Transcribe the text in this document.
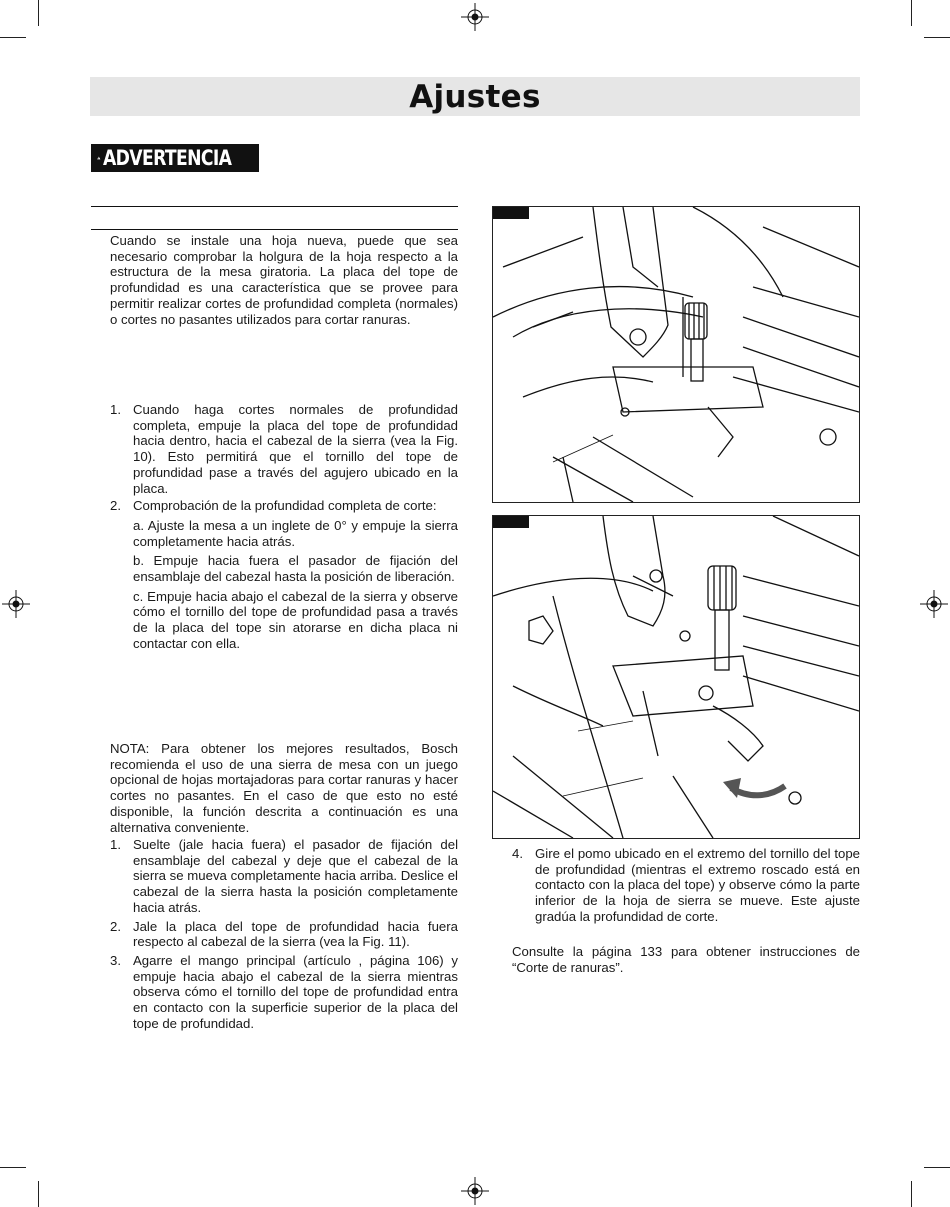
Ajustes
ADVERTENCIA
Cuando se instale una hoja nueva, puede que sea necesario comprobar la holgura de la hoja respecto a la estructura de la mesa giratoria. La placa del tope de profundidad es una característica que se provee para permitir realizar cortes de profundidad completa (normales) o cortes no pasantes utilizados para cortar ranuras.
1. Cuando haga cortes normales de profundidad completa, empuje la placa del tope de profundidad hacia dentro, hacia el cabezal de la sierra (vea la Fig. 10). Esto permitirá que el tornillo del tope de profundidad pase a través del agujero ubicado en la placa.
2. Comprobación de la profundidad completa de corte:
a. Ajuste la mesa a un inglete de 0° y empuje la sierra completamente hacia atrás.
b. Empuje hacia fuera el pasador de fijación del ensamblaje del cabezal hasta la posición de liberación.
c. Empuje hacia abajo el cabezal de la sierra y observe cómo el tornillo del tope de profundidad pasa a través de la placa del tope sin atorarse en dicha placa ni contactar con ella.
NOTA: Para obtener los mejores resultados, Bosch recomienda el uso de una sierra de mesa con un juego opcional de hojas mortajadoras para cortar ranuras y hacer cortes no pasantes. En el caso de que esto no esté disponible, la función descrita a continuación es una alternativa conveniente.
1. Suelte (jale hacia fuera) el pasador de fijación del ensamblaje del cabezal y deje que el cabezal de la sierra se mueva completamente hacia arriba. Deslice el cabezal de la sierra hasta la posición completamente hacia atrás.
2. Jale la placa del tope de profundidad hacia fuera respecto al cabezal de la sierra (vea la Fig. 11).
3. Agarre el mango principal (artículo , página 106) y empuje hacia abajo el cabezal de la sierra mientras observa cómo el tornillo del tope de profundidad entra en contacto con la superficie superior de la placa del tope de profundidad.
4. Gire el pomo ubicado en el extremo del tornillo del tope de profundidad (mientras el extremo roscado está en contacto con la placa del tope) y observe cómo la parte inferior de la hoja de sierra se mueve. Este ajuste gradúa la profundidad de corte.
Consulte la página 133 para obtener instrucciones de “Corte de ranuras”.
